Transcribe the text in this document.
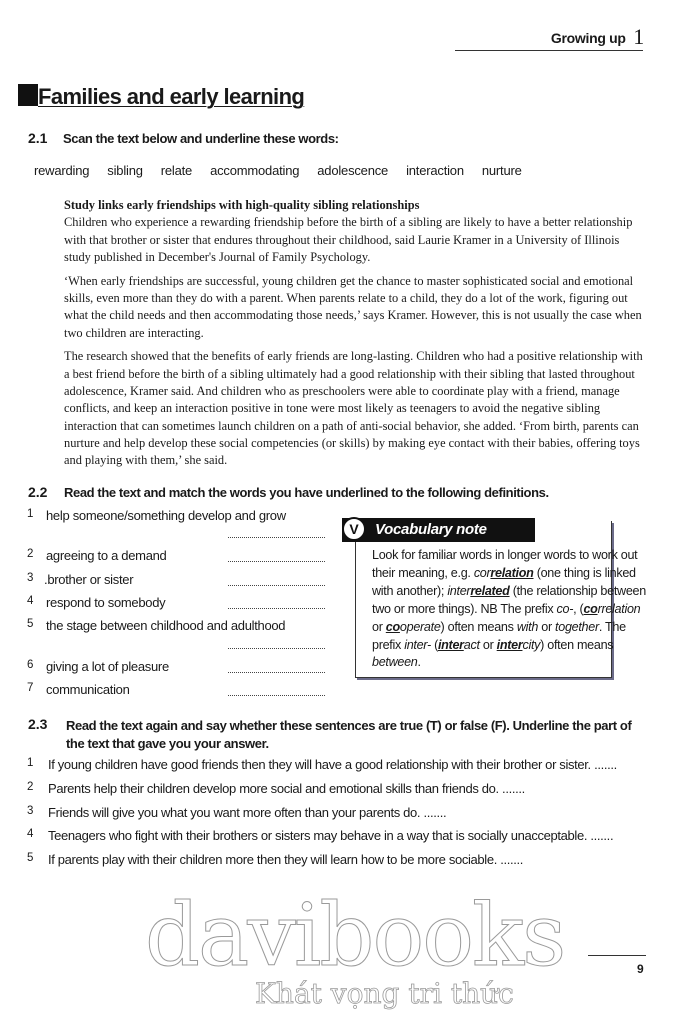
Growing up 1
Families and early learning
2.1 Scan the text below and underline these words:
rewarding sibling relate accommodating adolescence interaction nurture
Study links early friendships with high-quality sibling relationships

Children who experience a rewarding friendship before the birth of a sibling are likely to have a better relationship with that brother or sister that endures throughout their childhood, said Laurie Kramer in a University of Illinois study published in December's Journal of Family Psychology.

‘When early friendships are successful, young children get the chance to master sophisticated social and emotional skills, even more than they do with a parent. When parents relate to a child, they do a lot of the work, figuring out what the child needs and then accommodating those needs,’ says Kramer. However, this is not usually the case when two children are interacting.

The research showed that the benefits of early friends are long-lasting. Children who had a positive relationship with a best friend before the birth of a sibling ultimately had a good relationship with their sibling that lasted throughout adolescence, Kramer said. And children who as preschoolers were able to coordinate play with a friend, manage conflicts, and keep an interaction positive in tone were most likely as teenagers to avoid the negative sibling interaction that can sometimes launch children on a path of anti-social behavior, she added. ‘From birth, parents can nurture and help develop these social competencies (or skills) by making eye contact with their babies, offering toys and playing with them,’ she said.

2.2 Read the text and match the words you have underlined to the following definitions.
1 help someone/something develop and grow
2 agreeing to a demand
3 .brother or sister
4 respond to somebody
5 the stage between childhood and adulthood
6 giving a lot of pleasure
7 communication
V	Vocabulary note
Look for familiar words in longer words to work out their meaning, e.g. correlation (one thing is linked with another); interrelated (the relationship between two or more things). NB The prefix co-, (correlation or cooperate) often means with or together. The prefix inter- (interact or intercity) often means between.
2.3 Read the text again and say whether these sentences are true (T) or false (F). Underline the part of the text that gave you your answer.
1 If young children have good friends then they will have a good relationship with their brother or sister. .......
2 Parents help their children develop more social and emotional skills than friends do. .......
3 Friends will give you what you want more often than your parents do. .......
4 Teenagers who fight with their brothers or sisters may behave in a way that is socially unacceptable. .......
5 If parents play with their children more then they will learn how to be more sociable. .......
davibooks
Khát vọng tri thức
9
